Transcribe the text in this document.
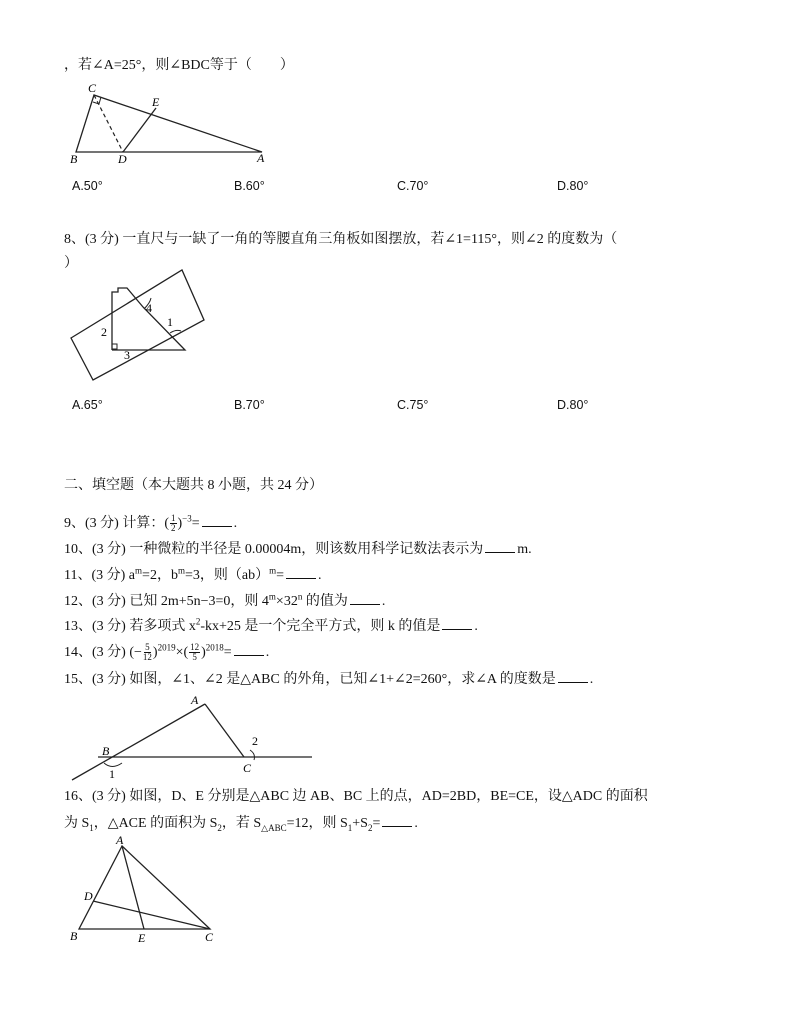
，若∠A=25°，则∠BDC等于（　　）
C
E
B	D	A
A.50°	B.60°	C.70°	D.80°
8、(3 分) 一直尺与一缺了一角的等腰直角三角板如图摆放，若∠1=115°，则∠2 的度数为（
）
4
1
2
3
A.65°	B.70°	C.75°	D.80°
二、填空题（本大题共 8 小题，共 24 分）
9、(3 分) 计算：( $\frac{1}{2} )^{-3}=$ .
10、(3 分) 一种微粒的半径是 0.00004m，则该数用科学记数法表示为 m.
11、(3 分) $a^m=2$，$b^m=3$，则（ab）$^m$= .
12、(3 分) 已知 2m+5n−3=0，则 $4^m\times 32^n$ 的值为 .
13、(3 分) 若多项式 $x^2-kx+25$ 是一个完全平方式，则 k 的值是 .
14、(3 分) (− $\frac{5}{12} )^{2019}\times( \frac{12}{5} )^{2018}=$ .
15、(3 分) 如图，∠1、∠2 是△ABC 的外角，已知∠1+∠2=260°，求∠A 的度数是 .
A
B
C
1
2
16、(3 分) 如图，D、E 分别是△ABC 边 AB、BC 上的点，AD=2BD，BE=CE，设△ADC 的面积
为 $S_1$，△ACE 的面积为 $S_2$，若 $S_{\triangle ABC}=12$，则 $S_1+S_2=$ .
A
D
B	E	C
